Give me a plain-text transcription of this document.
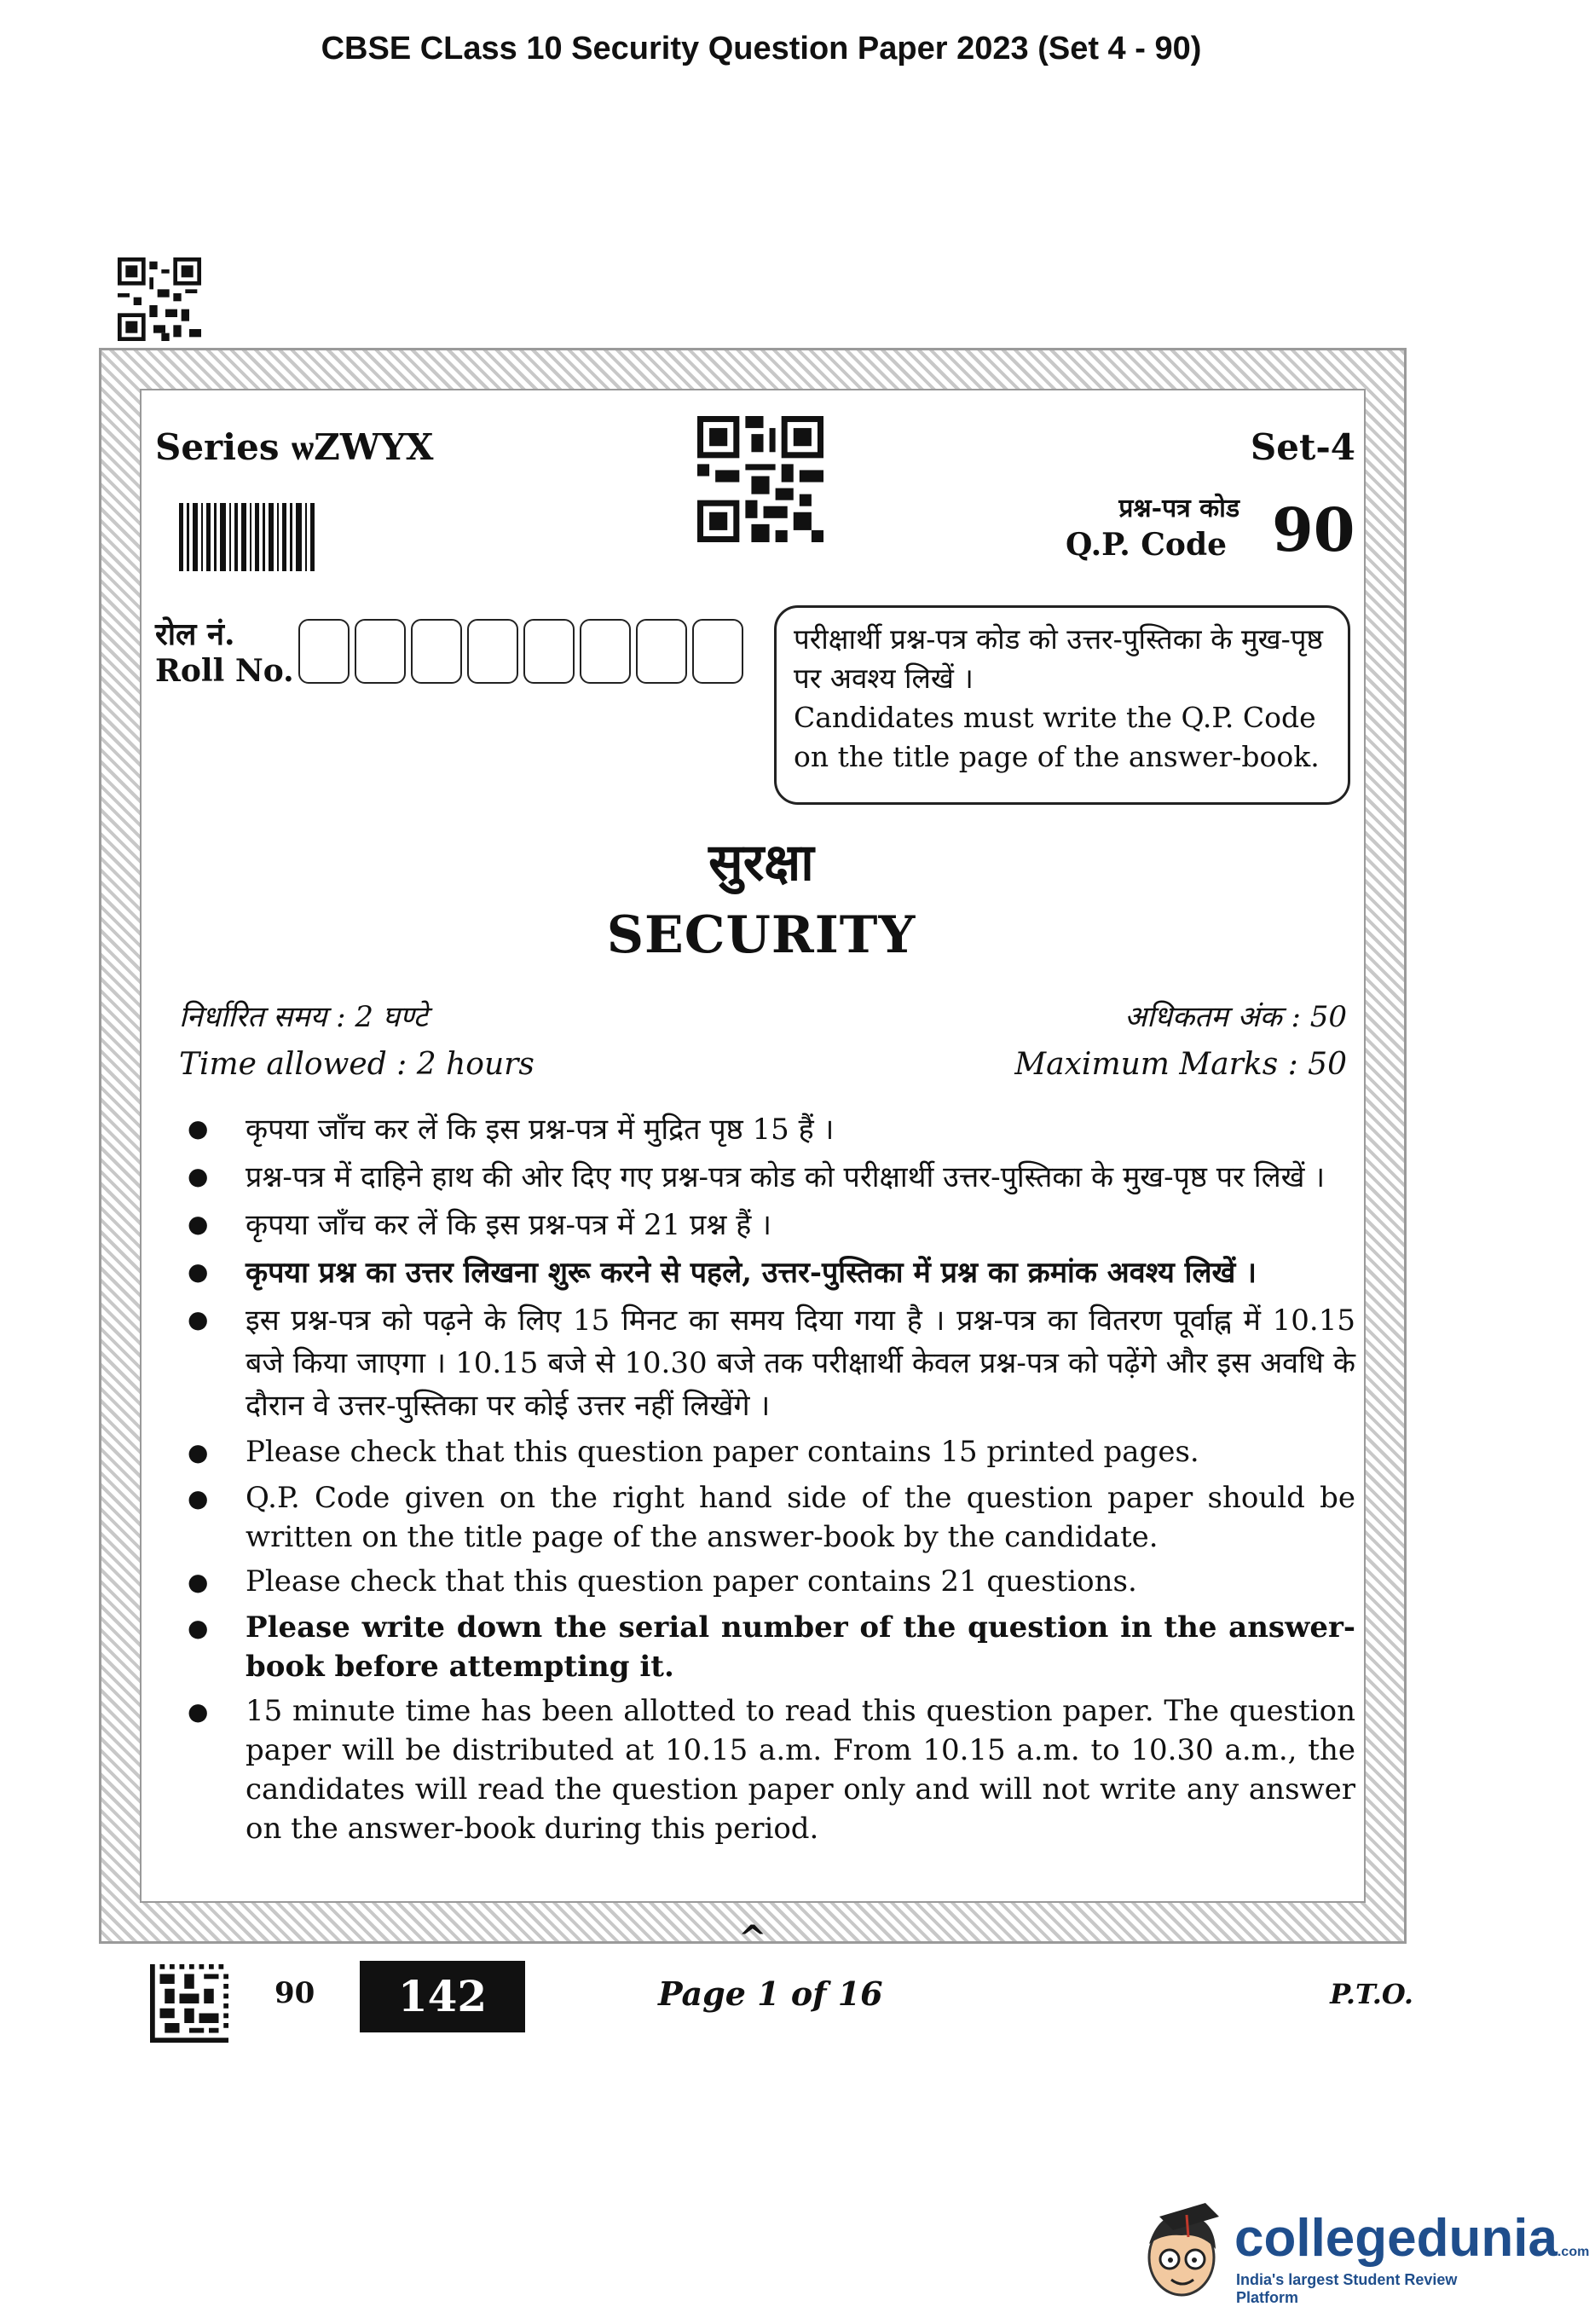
CBSE CLass 10 Security Question Paper 2023 (Set 4 - 90)
Series ѡZWYX	Set-4
प्रश्न-पत्र कोड
Q.P. Code 90
रोल नं.
Roll No.

परीक्षार्थी प्रश्न-पत्र कोड को उत्तर-पुस्तिका के मुख-पृष्ठ पर अवश्य लिखें ।

Candidates must write the Q.P. Code on the title page of the answer-book.

सुरक्षा
SECURITY
निर्धारित समय : 2 घण्टे
Time allowed : 2 hours
अधिकतम अंक : 50
Maximum Marks : 50
●	कृपया जाँच कर लें कि इस प्रश्न-पत्र में मुद्रित पृष्ठ 15 हैं ।
●	प्रश्न-पत्र में दाहिने हाथ की ओर दिए गए प्रश्न-पत्र कोड को परीक्षार्थी उत्तर-पुस्तिका के मुख-पृष्ठ पर लिखें ।
●	कृपया जाँच कर लें कि इस प्रश्न-पत्र में 21 प्रश्न हैं ।
●	कृपया प्रश्न का उत्तर लिखना शुरू करने से पहले, उत्तर-पुस्तिका में प्रश्न का क्रमांक अवश्य लिखें ।
●	इस प्रश्न-पत्र को पढ़ने के लिए 15 मिनट का समय दिया गया है । प्रश्न-पत्र का वितरण पूर्वाह्न में 10.15 बजे किया जाएगा । 10.15 बजे से 10.30 बजे तक परीक्षार्थी केवल प्रश्न-पत्र को पढ़ेंगे और इस अवधि के दौरान वे उत्तर-पुस्तिका पर कोई उत्तर नहीं लिखेंगे ।
●	Please check that this question paper contains 15 printed pages.
●	Q.P. Code given on the right hand side of the question paper should be written on the title page of the answer-book by the candidate.
●	Please check that this question paper contains 21 questions.
●	Please write down the serial number of the question in the answer-book before attempting it.
●	15 minute time has been allotted to read this question paper. The question paper will be distributed at 10.15 a.m. From 10.15 a.m. to 10.30 a.m., the candidates will read the question paper only and will not write any answer on the answer-book during this period.
^
90	142	Page 1 of 16	P.T.O.
collegedunia.com
India's largest Student Review Platform
